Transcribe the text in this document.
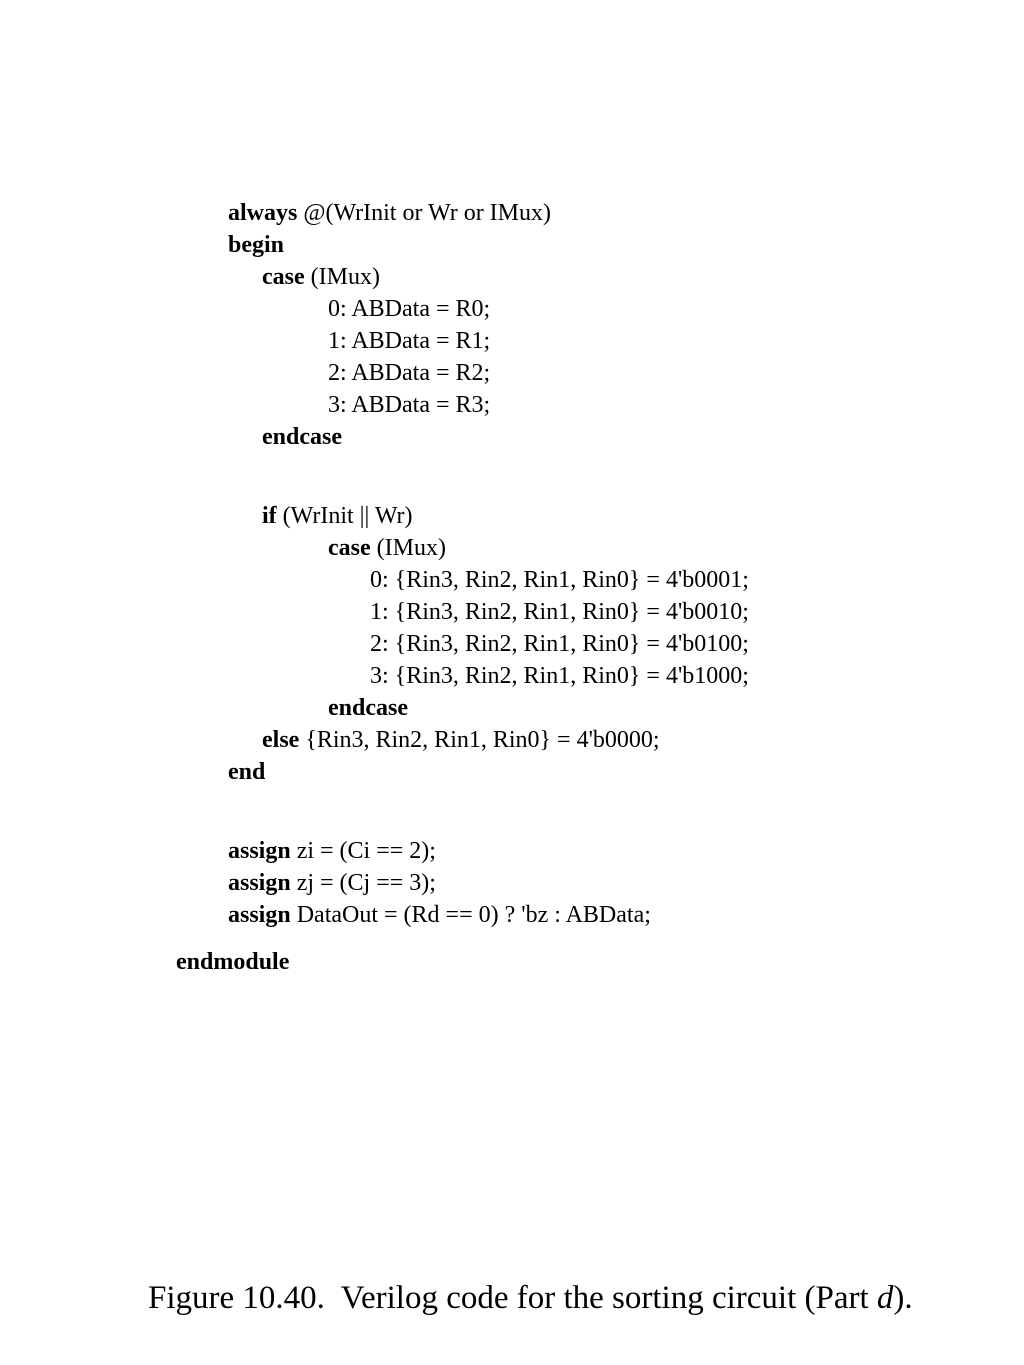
always @(WrInit or Wr or IMux)
begin
case (IMux)
0: ABData = R0;
1: ABData = R1;
2: ABData = R2;
3: ABData = R3;
endcase
if (WrInit || Wr)
case (IMux)
0: {Rin3, Rin2, Rin1, Rin0} = 4'b0001;
1: {Rin3, Rin2, Rin1, Rin0} = 4'b0010;
2: {Rin3, Rin2, Rin1, Rin0} = 4'b0100;
3: {Rin3, Rin2, Rin1, Rin0} = 4'b1000;
endcase
else {Rin3, Rin2, Rin1, Rin0} = 4'b0000;
end
assign zi = (Ci == 2);
assign zj = (Cj == 3);
assign DataOut = (Rd == 0) ? 'bz : ABData;
endmodule
Figure 10.40.  Verilog code for the sorting circuit (Part d).
